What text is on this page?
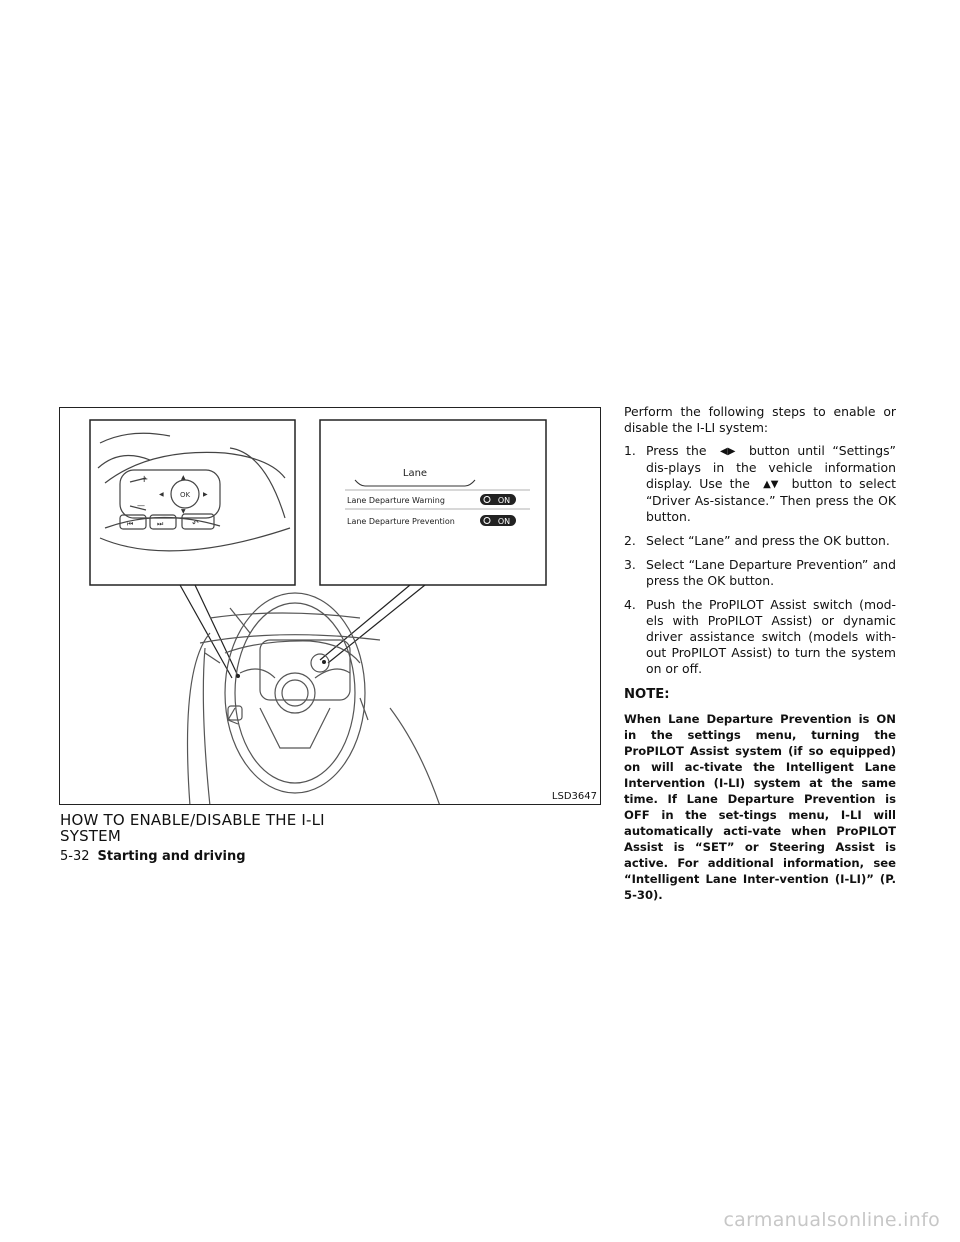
OK
+
—
▲
▼
◀	▶
⏮	⏭	↶
Lane
Lane Departure Warning	ON
Lane Departure Prevention	ON
LSD3647
HOW TO ENABLE/DISABLE THE I-LI SYSTEM

Perform the following steps to enable or disable the I-LI system:

1. Press the ◀▶ button until “Settings” dis-plays in the vehicle information display. Use the ▲▼ button to select “Driver As-sistance.” Then press the OK button.
2. Select “Lane” and press the OK button.
3. Select “Lane Departure Prevention” and press the OK button.
4. Push the ProPILOT Assist switch (mod-els with ProPILOT Assist) or dynamic driver assistance switch (models with-out ProPILOT Assist) to turn the system on or off.
NOTE:

When Lane Departure Prevention is ON in the settings menu, turning the ProPILOT Assist system (if so equipped) on will ac-tivate the Intelligent Lane Intervention (I-LI) system at the same time. If Lane Departure Prevention is OFF in the set-tings menu, I-LI will automatically acti-vate when ProPILOT Assist is “SET” or Steering Assist is active. For additional information, see “Intelligent Lane Inter-vention (I-LI)” (P. 5-30).

5-32 Starting and driving
carmanualsonline.info
